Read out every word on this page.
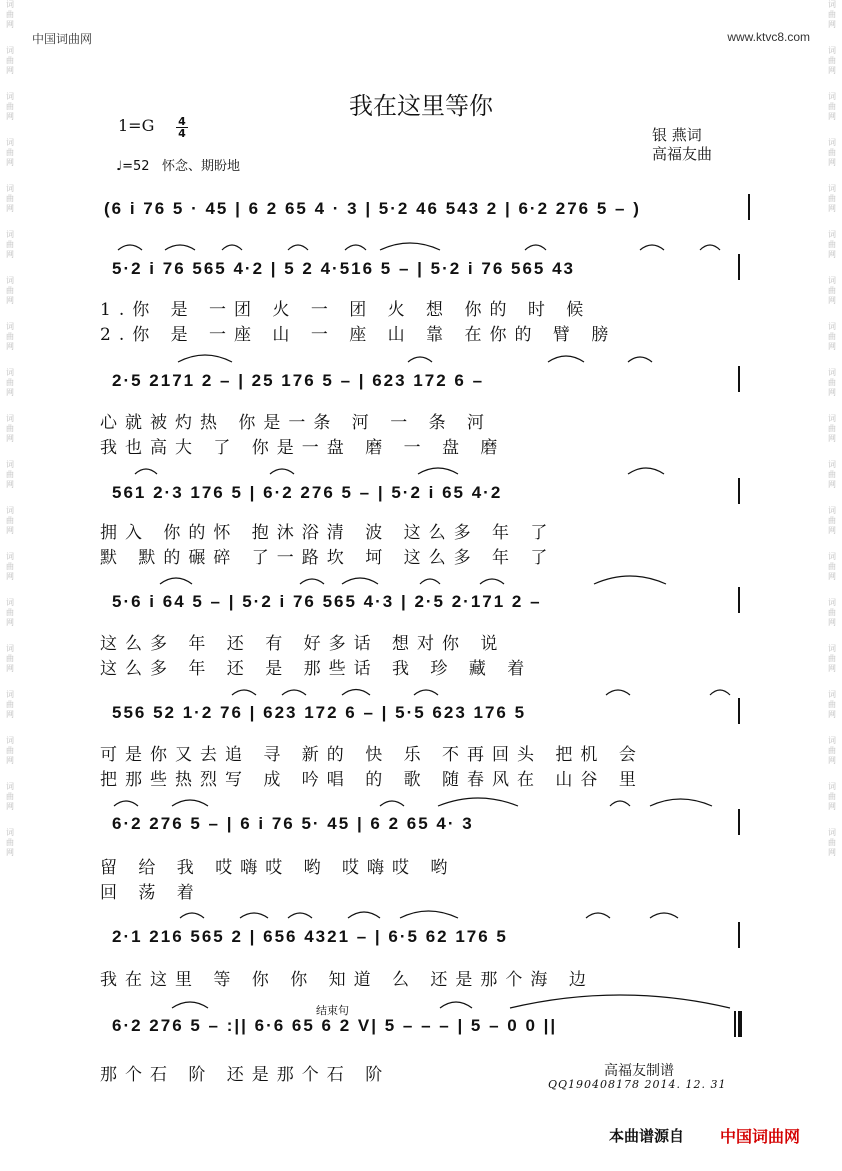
词
曲
网
词
曲
网
词
曲
网
词
曲
网
词
曲
网
词
曲
网
词
曲
网
词
曲
网
词
曲
网
词
曲
网
词
曲
网
词
曲
网
词
曲
网
词
曲
网
词
曲
网
词
曲
网
词
曲
网
词
曲
网
词
曲
网
词
曲
网
词
曲
网
词
曲
网
词
曲
网
词
曲
网
词
曲
网
词
曲
网
词
曲
网
词
曲
网
词
曲
网
词
曲
网
词
曲
网
词
曲
网
词
曲
网
词
曲
网
词
曲
网
词
曲
网
词
曲
网
词
曲
网
中国词曲网	www.ktvc8.com
我在这里等你
1=G 4
4
♩=52 怀念、期盼地
银 燕词
高福友曲
(6 i 76 5 · 45 | 6 2 65 4 · 3 | 5·2 46 543 2 | 6·2 276 5 – )
5·2 i 76 565 4·2 | 5 2 4·516 5 – | 5·2 i 76 565 43
1.你 是 一团 火 一 团 火 想 你的 时 候
2.你 是 一座 山 一 座 山 靠 在你的 臂 膀
2·5 2171 2 – | 25 176 5 – | 623 172 6 –
心就被灼热 你是一条 河 一 条 河
我也高大 了 你是一盘 磨 一 盘 磨
561 2·3 176 5 | 6·2 276 5 – | 5·2 i 65 4·2
拥入 你的怀 抱沐浴清 波 这么多 年 了
默 默的碾碎 了一路坎 坷 这么多 年 了
5·6 i 64 5 – | 5·2 i 76 565 4·3 | 2·5 2·171 2 –
这么多 年 还 有 好多话 想对你 说
这么多 年 还 是 那些话 我 珍 藏 着
556 52 1·2 76 | 623 172 6 – | 5·5 623 176 5
可是你又去追 寻 新的 快 乐 不再回头 把机 会
把那些热烈写 成 吟唱 的 歌 随春风在 山谷 里
6·2 276 5 – | 6 i 76 5· 45 | 6 2 65 4· 3
留 给 我 哎嗨哎 哟 哎嗨哎 哟
回 荡 着
2·1 216 565 2 | 656 4321 – | 6·5 62 176 5
我在这里 等 你 你 知道 么 还是那个海 边
结束句
6·2 276 5 – :|| 6·6 65 6 2 V| 5 – – – | 5 – 0 0 ||
那个石 阶 还是那个石 阶	高福友制谱
QQ190408178 2014. 12. 31
本曲谱源自 中国词曲网
